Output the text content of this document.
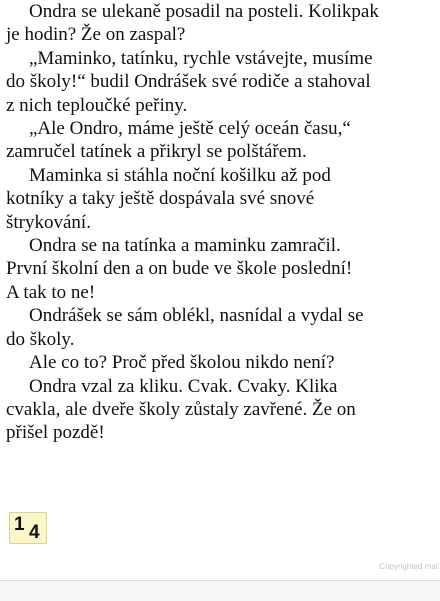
Ondra se ulekaně posadil na posteli. Kolikpak
je hodin? Že on zaspal?
„Maminko, tatínku, rychle vstávejte, musíme
do školy!“ budil Ondrášek své rodiče a stahoval
z nich teploučké peřiny.
„Ale Ondro, máme ještě celý oceán času,“
zamručel tatínek a přikryl se polštářem.
Maminka si stáhla noční košilku až pod
kotníky a taky ještě dospávala své snové
štrykování.
Ondra se na tatínka a maminku zamračil.
První školní den a on bude ve škole poslední!
A tak to ne!
Ondrášek se sám oblékl, nasnídal a vydal se
do školy.
Ale co to? Proč před školou nikdo není?
Ondra vzal za kliku. Cvak. Cvaky. Klika
cvakla, ale dveře školy zůstaly zavřené. Že on
přišel pozdě!
1 4
Copyrighted mat
